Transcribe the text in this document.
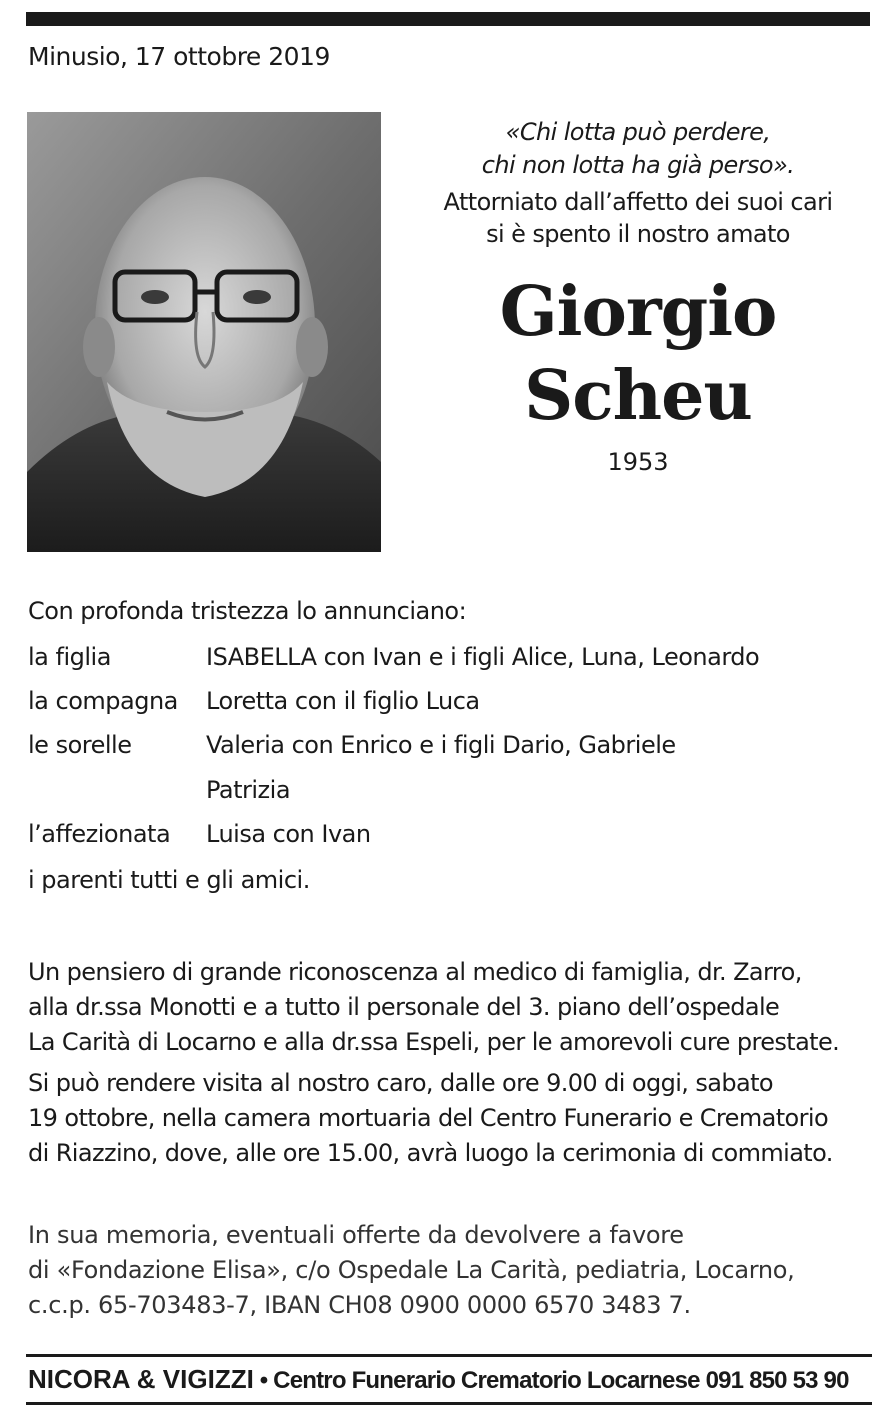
Minusio, 17 ottobre 2019
«Chi lotta può perdere,
chi non lotta ha già perso».
Attorniato dall’affetto dei suoi cari
si è spento il nostro amato
Giorgio
Scheu
1953
Con profonda tristezza lo annunciano:
la figlia	ISABELLA con Ivan e i figli Alice, Luna, Leonardo
la compagna Loretta con il figlio Luca
le sorelle	Valeria con Enrico e i figli Dario, Gabriele
Patrizia
l’affezionata Luisa con Ivan
i parenti tutti e gli amici.
Un pensiero di grande riconoscenza al medico di famiglia, dr. Zarro,
alla dr.ssa Monotti e a tutto il personale del 3. piano dell’ospedale
La Carità di Locarno e alla dr.ssa Espeli, per le amorevoli cure prestate.
Si può rendere visita al nostro caro, dalle ore 9.00 di oggi, sabato
19 ottobre, nella camera mortuaria del Centro Funerario e Crematorio
di Riazzino, dove, alle ore 15.00, avrà luogo la cerimonia di commiato.
In sua memoria, eventuali offerte da devolvere a favore
di «Fondazione Elisa», c/o Ospedale La Carità, pediatria, Locarno,
c.c.p. 65-703483-7, IBAN CH08 0900 0000 6570 3483 7.
NICORA & VIGIZZI • Centro Funerario Crematorio Locarnese 091 850 53 90
